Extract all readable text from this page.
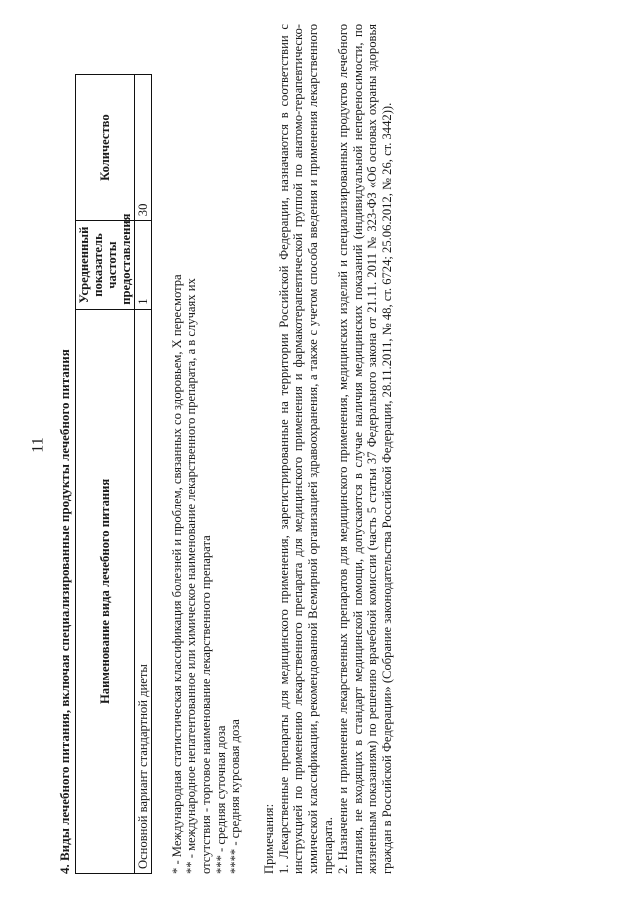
11 4. Виды лечебного питания, включая специализированные продукты лечебного питания Наименование вида лечебного питания	Усредненный показатель частоты предоставления	Количество
Основной вариант стандартной диеты	1	30
* - Международная статистическая классификация болезней и проблем, связанных со здоровьем, X пересмотра ** - международное непатентованное или химическое наименование лекарственного препарата, а в случаях их отсутствия - торговое наименование лекарственного препарата *** - средняя суточная доза **** - средняя курсовая доза Примечания: 1. Лекарственные препараты для медицинского применения, зарегистрированные на территории Российской Федерации, назначаются в соответствии с инструкцией по применению лекарственного препарата для медицинского применения и фармакотерапевтической группой по анатомо-терапевтическо-химической классификации, рекомендованной Всемирной организацией здравоохранения, а также с учетом способа введения и применения лекарственного препарата. 2. Назначение и применение лекарственных препаратов для медицинского применения, медицинских изделий и специализированных продуктов лечебного питания, не входящих в стандарт медицинской помощи, допускаются в случае наличия медицинских показаний (индивидуальной непереносимости, по жизненным показаниям) по решению врачебной комиссии (часть 5 статьи 37 Федерального закона от 21.11. 2011 № 323-ФЗ «Об основах охраны здоровья граждан в Российской Федерации» (Собрание законодательства Российской Федерации, 28.11.2011, № 48, ст. 6724; 25.06.2012, № 26, ст. 3442)).
